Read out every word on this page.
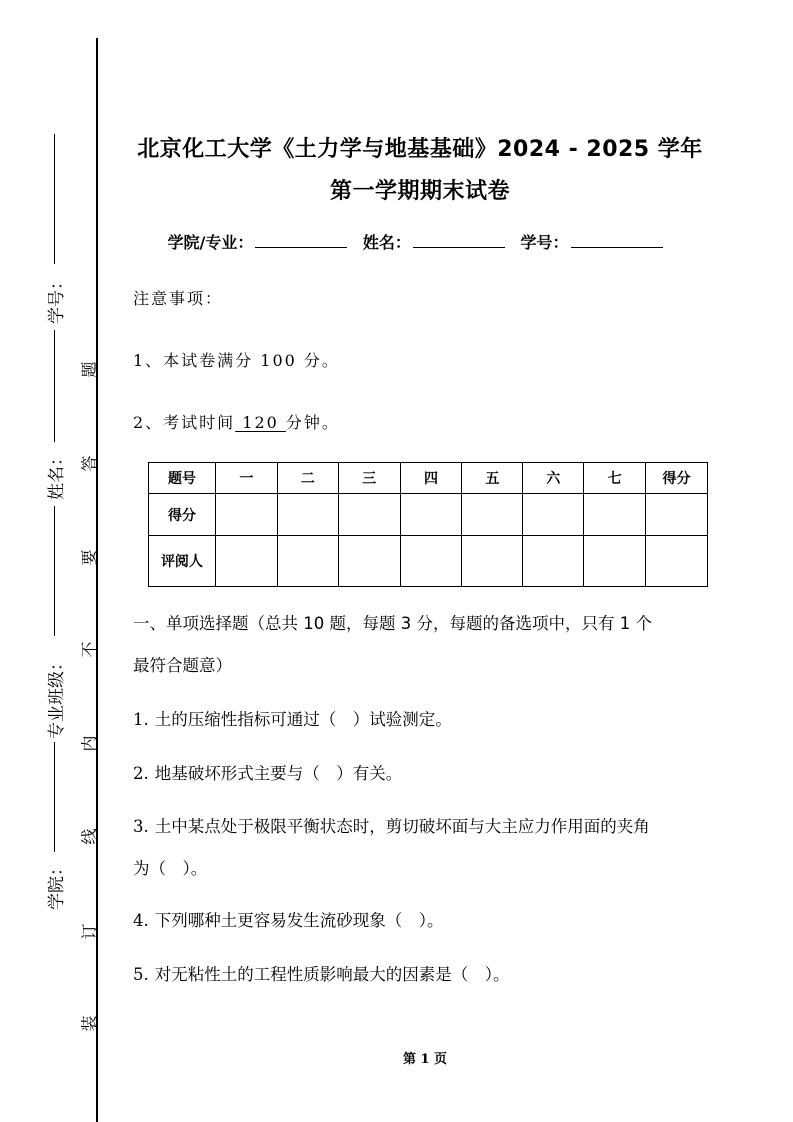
学号：
姓名：
专业班级：
学院：
题
答
要
不
内
线
订
装
北京化工大学《土力学与地基基础》2024 - 2025 学年
第一学期期末试卷
学院/专业：	姓名：	学号：
注意事项：
1、本试卷满分 100 分。
2、考试时间 120 分钟。
题号	一	二	三	四	五	六	七	得分
得分								
评阅人								
一、单项选择题（总共 10 题，每题 3 分，每题的备选项中，只有 1 个
最符合题意）
1. 土的压缩性指标可通过（　）试验测定。
2. 地基破坏形式主要与（　）有关。
3. 土中某点处于极限平衡状态时，剪切破坏面与大主应力作用面的夹角
为（　）。
4. 下列哪种土更容易发生流砂现象（　）。
5. 对无粘性土的工程性质影响最大的因素是（　）。
第 1 页
